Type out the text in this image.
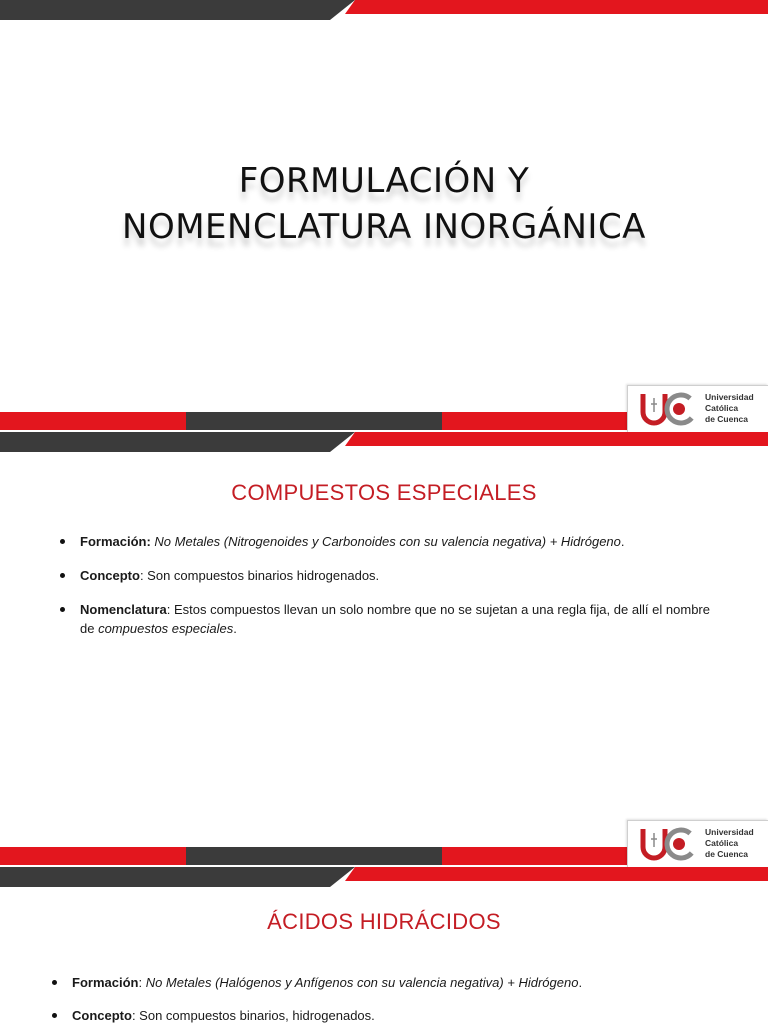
FORMULACIÓN Y
NOMENCLATURA INORGÁNICA
Universidad
Católica
de Cuenca
COMPUESTOS ESPECIALES
Formación: No Metales (Nitrogenoides y Carbonoides con su valencia negativa) + Hidrógeno.
Concepto: Son compuestos binarios hidrogenados.
Nomenclatura: Estos compuestos llevan un solo nombre que no se sujetan a una regla fija, de allí el nombre de compuestos especiales.
Universidad
Católica
de Cuenca
ÁCIDOS HIDRÁCIDOS
Formación: No Metales (Halógenos y Anfígenos con su valencia negativa) + Hidrógeno.
Concepto: Son compuestos binarios, hidrogenados.
